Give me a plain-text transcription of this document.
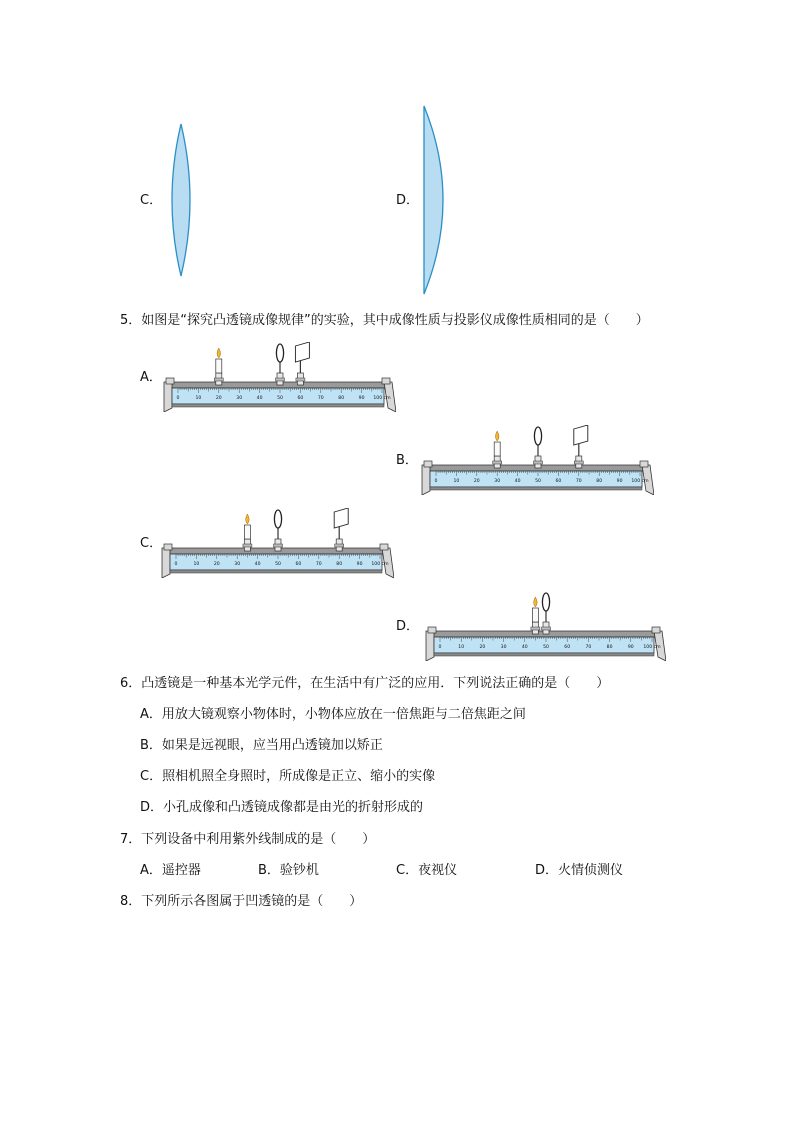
C．	D．
5．如图是“探究凸透镜成像规律”的实验，其中成像性质与投影仪成像性质相同的是（　　）
A．
0	10	20	30	40	50	60	70	80	90 100 cm
B．
0	10	20	30	40	50	60	70	80	90 100 cm
C．
0	10	20	30	40	50	60	70	80	90 100 cm
D．
0	10	20	30	40	50	60	70	80	90 100 cm
6．凸透镜是一种基本光学元件，在生活中有广泛的应用．下列说法正确的是（　　）
A．用放大镜观察小物体时，小物体应放在一倍焦距与二倍焦距之间
B．如果是远视眼，应当用凸透镜加以矫正
C．照相机照全身照时，所成像是正立、缩小的实像
D．小孔成像和凸透镜成像都是由光的折射形成的
7．下列设备中利用紫外线制成的是（　　）
A．遥控器	B．验钞机	C．夜视仪	D．火情侦测仪
8．下列所示各图属于凹透镜的是（　　）
